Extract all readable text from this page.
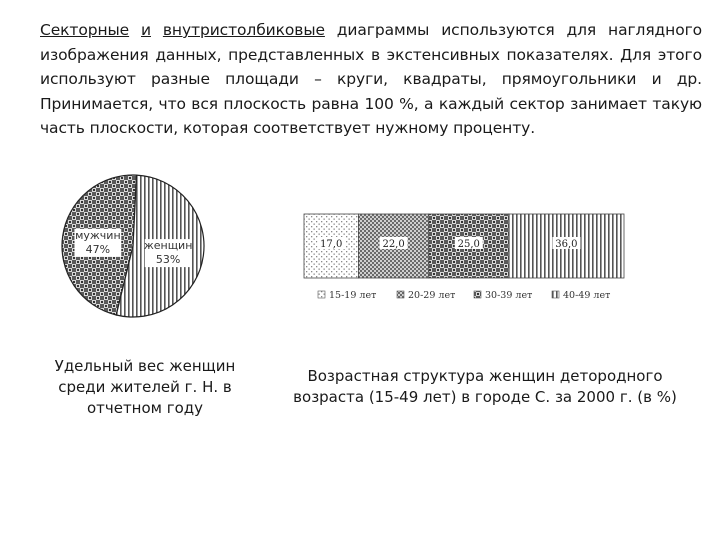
Секторные и внутристолбиковые диаграммы используются для наглядного изображения данных, представленных в экстенсивных показателях. Для этого используют разные площади – круги, квадраты, прямоугольники и др. Принимается, что вся плоскость равна 100 %, а каждый сектор занимает такую часть плоскости, которая соответствует нужному проценту.
мужчин
47%	женщин
53%
17,0	22,0	25,0	36,0
15-19 лет	20-29 лет	30-39 лет	40-49 лет
Удельный вес женщин среди жителей г. Н. в отчетном году
Возрастная структура женщин детородного возраста (15-49 лет) в городе С. за 2000 г. (в %)
